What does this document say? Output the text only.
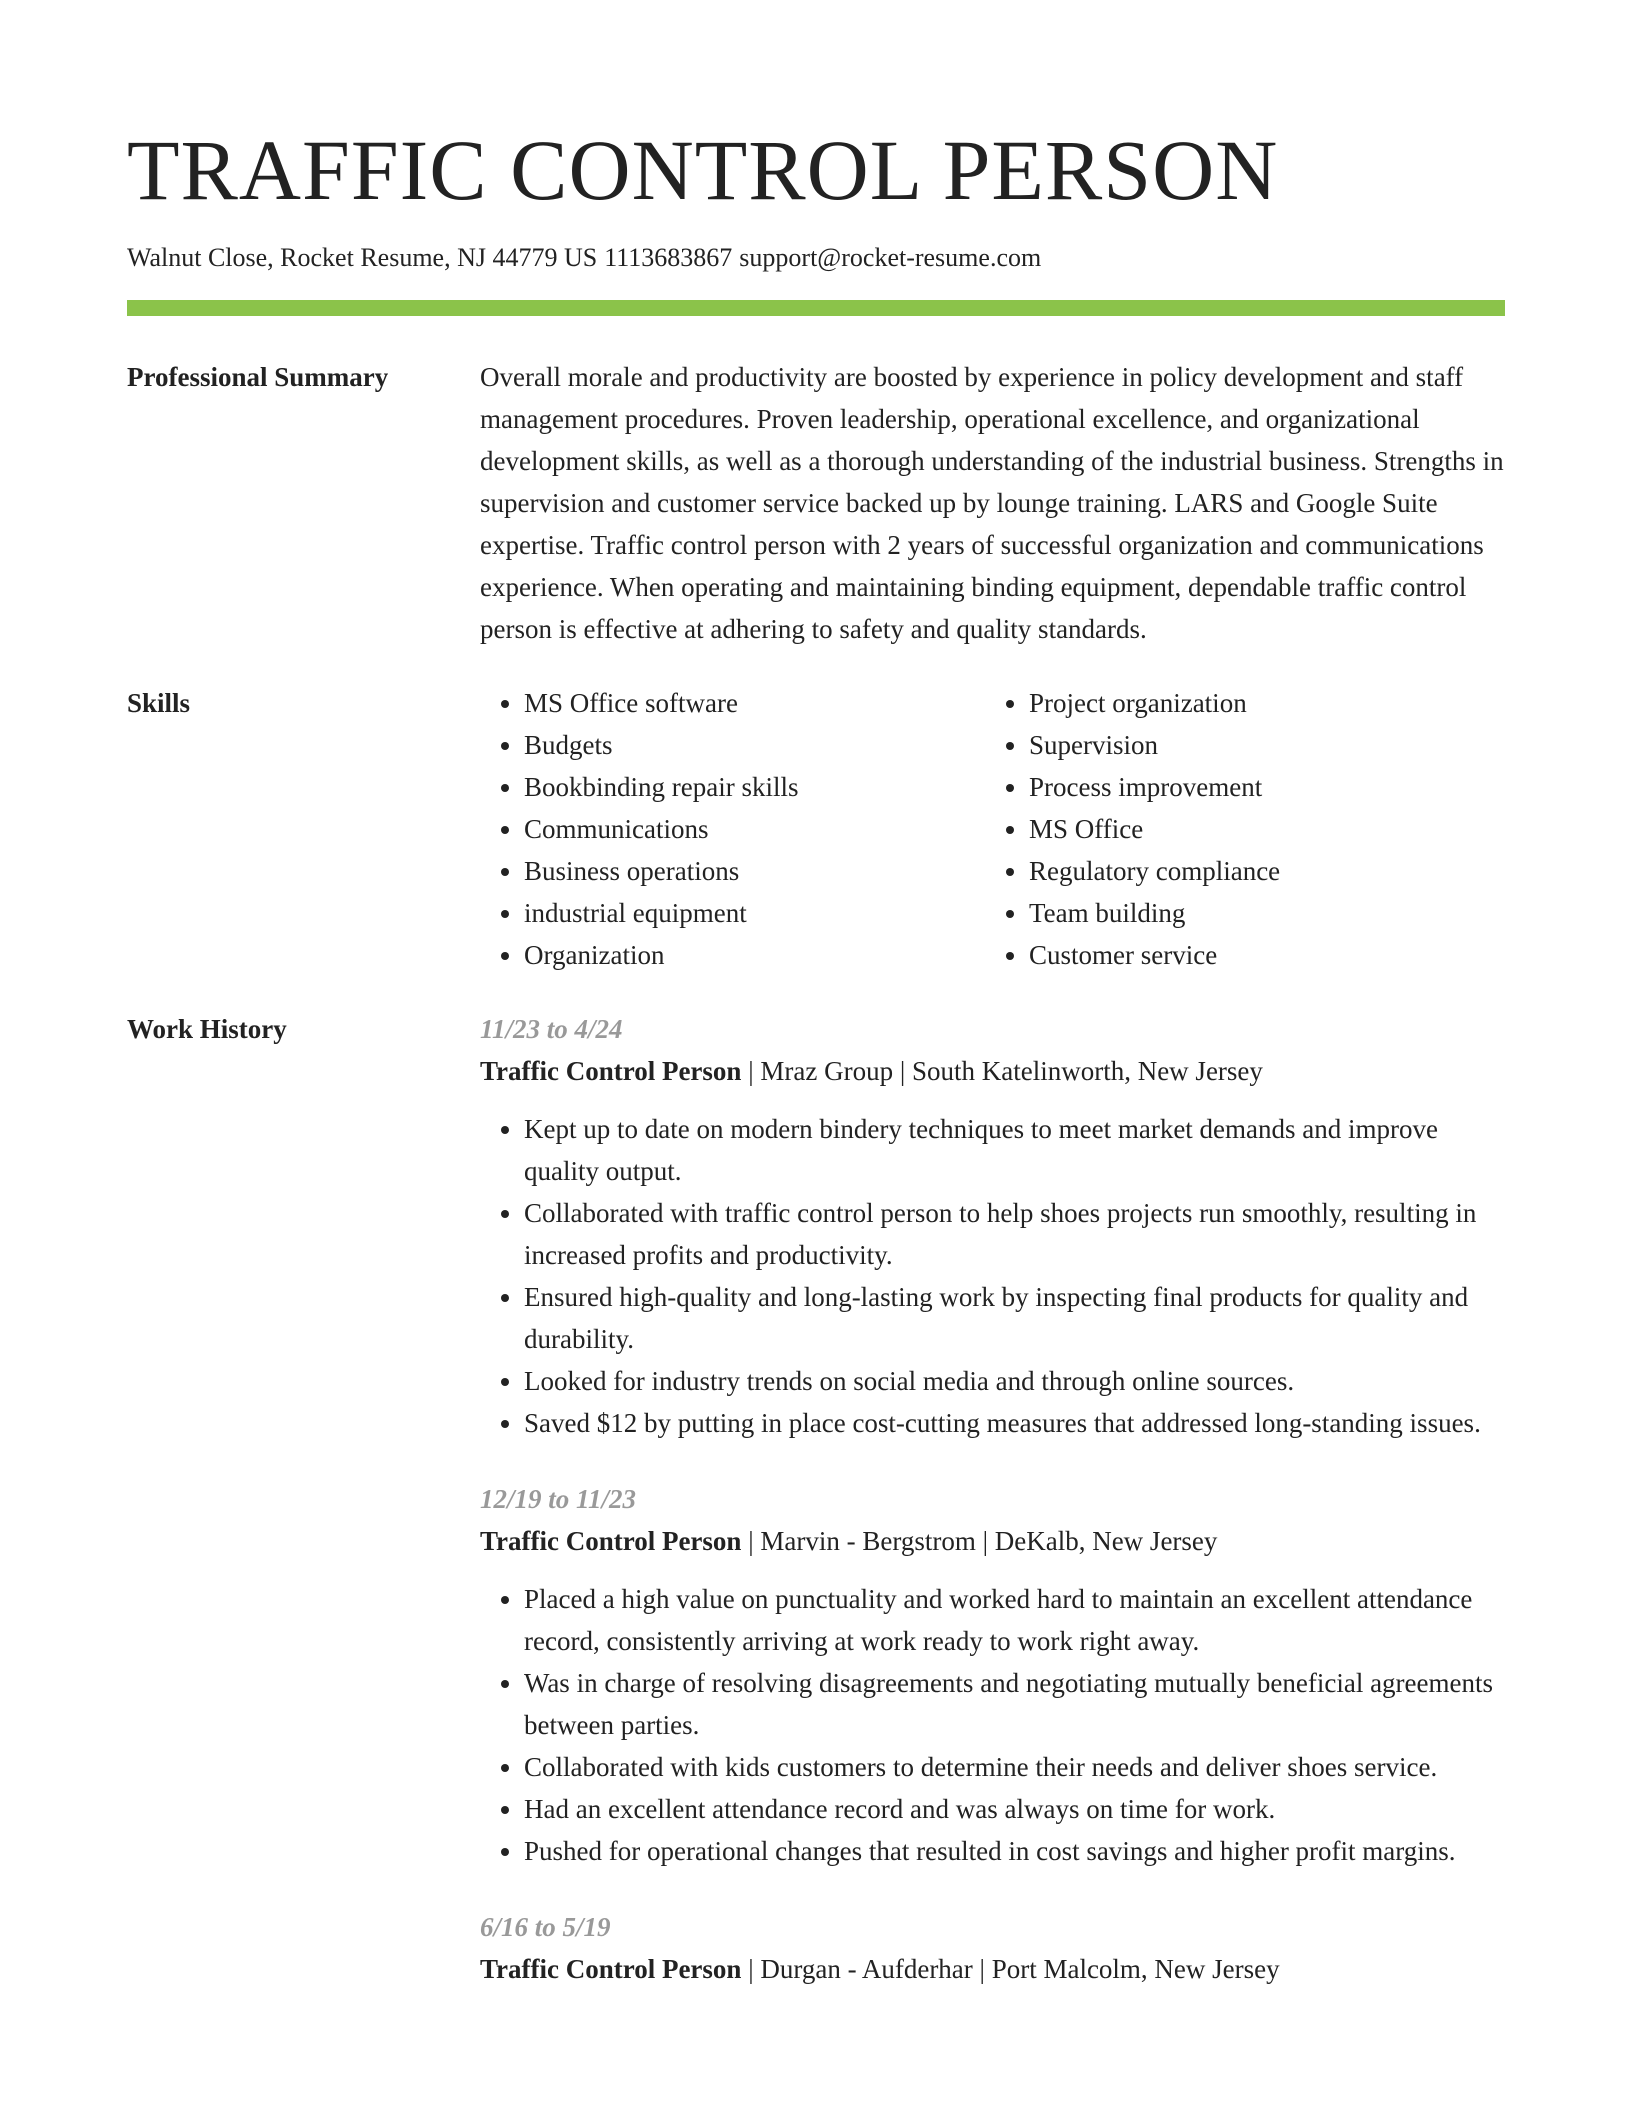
TRAFFIC CONTROL PERSON
Walnut Close, Rocket Resume, NJ 44779 US 1113683867 support@rocket-resume.com
Professional Summary	Overall morale and productivity are boosted by experience in policy development and staff management procedures. Proven leadership, operational excellence, and organizational development skills, as well as a thorough understanding of the industrial business. Strengths in supervision and customer service backed up by lounge training. LARS and Google Suite expertise. Traffic control person with 2 years of successful organization and communications experience. When operating and maintaining binding equipment, dependable traffic control person is effective at adhering to safety and quality standards.

Skills
•	MS Office software
• Budgets
• Bookbinding repair skills
• Communications
• Business operations
• industrial equipment
• Organization
• Project organization
• Supervision
• Process improvement
• MS Office
• Regulatory compliance
• Team building
• Customer service
Work History	11/23 to 4/24
Traffic Control Person | Mraz Group | South Katelinworth, New Jersey
• Kept up to date on modern bindery techniques to meet market demands and improve quality output.
• Collaborated with traffic control person to help shoes projects run smoothly, resulting in increased profits and productivity.
• Ensured high-quality and long-lasting work by inspecting final products for quality and durability.
• Looked for industry trends on social media and through online sources.
• Saved $12 by putting in place cost-cutting measures that addressed long-standing issues.
12/19 to 11/23
Traffic Control Person | Marvin - Bergstrom | DeKalb, New Jersey
• Placed a high value on punctuality and worked hard to maintain an excellent attendance record, consistently arriving at work ready to work right away.
• Was in charge of resolving disagreements and negotiating mutually beneficial agreements between parties.
• Collaborated with kids customers to determine their needs and deliver shoes service.
• Had an excellent attendance record and was always on time for work.
• Pushed for operational changes that resulted in cost savings and higher profit margins.
6/16 to 5/19
Traffic Control Person | Durgan - Aufderhar | Port Malcolm, New Jersey
